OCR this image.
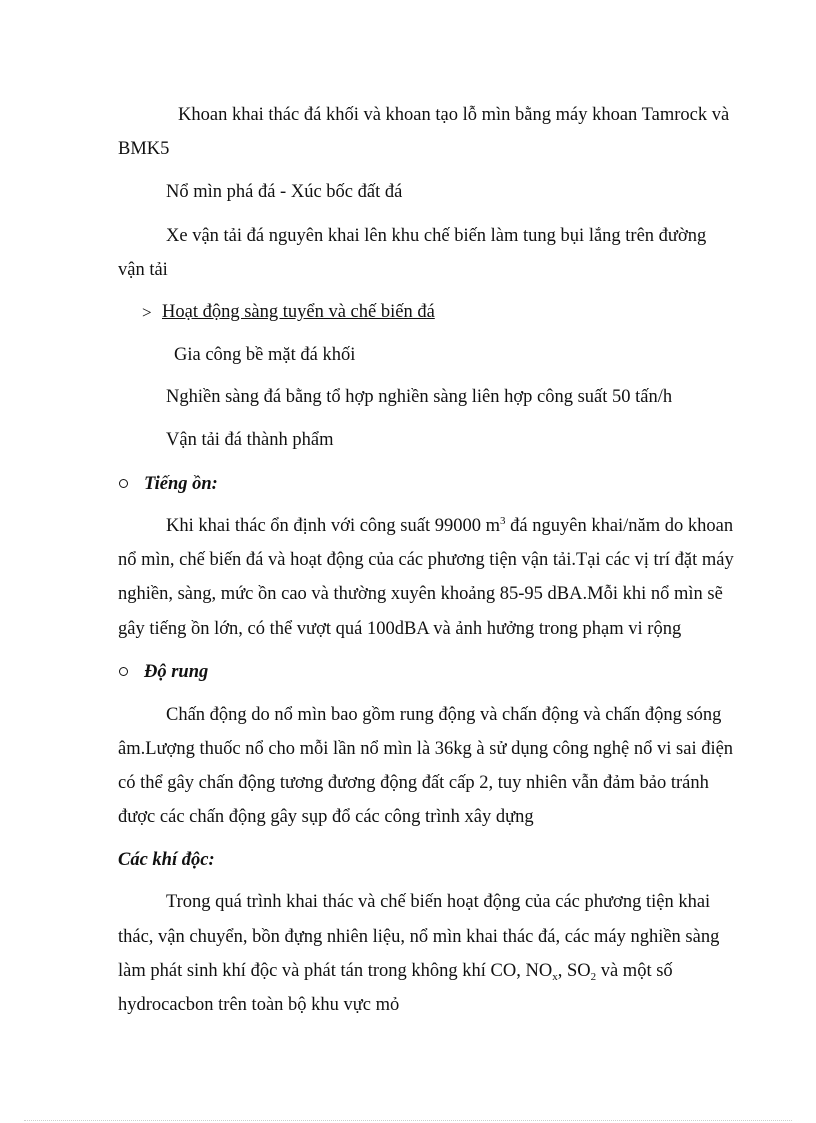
Khoan khai thác đá khối và khoan tạo lỗ mìn bằng máy khoan Tamrock và

BMK5

Nổ mìn phá đá - Xúc bốc đất đá

Xe vận tải đá nguyên khai lên khu chế biến làm tung bụi lắng trên đường

vận tải

> Hoạt động sàng tuyển và chế biến đá

Gia công bề mặt đá khối

Nghiền sàng đá bằng tổ hợp nghiền sàng liên hợp công suất 50 tấn/h

Vận tải đá thành phẩm

Tiếng ồn:

Khi khai thác ổn định với công suất 99000 $m^3$ đá nguyên khai/năm do khoan

nổ mìn, chế biến đá và hoạt động của các phương tiện vận tải.Tại các vị trí đặt máy

nghiền, sàng, mức ồn cao và thường xuyên khoảng 85-95 dBA.Mỗi khi nổ mìn sẽ

gây tiếng ồn lớn, có thể vượt quá 100dBA và ảnh hưởng trong phạm vi rộng

Độ rung

Chấn động do nổ mìn bao gồm rung động và chấn động và chấn động sóng

âm.Lượng thuốc nổ cho mỗi lần nổ mìn là 36kg à sử dụng công nghệ nổ vi sai điện

có thể gây chấn động tương đương động đất cấp 2, tuy nhiên vẫn đảm bảo tránh

được các chấn động gây sụp đổ các công trình xây dựng

Các khí độc:

Trong quá trình khai thác và chế biến hoạt động của các phương tiện khai

thác, vận chuyển, bồn đựng nhiên liệu, nổ mìn khai thác đá, các máy nghiền sàng

làm phát sinh khí độc và phát tán trong không khí CO, $NO_x$, $SO_2$ và một số

hydrocacbon trên toàn bộ khu vực mỏ
